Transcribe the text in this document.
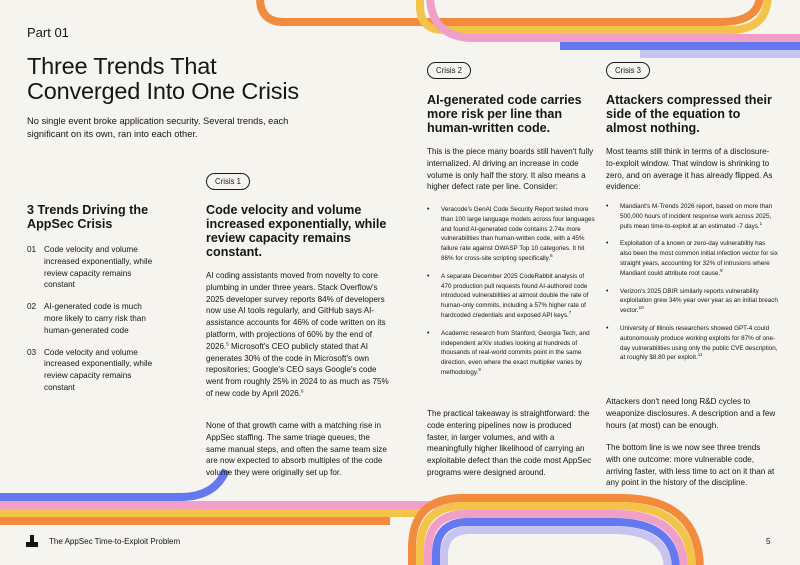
Part 01
Three Trends That Converged Into One Crisis

No single event broke application security. Several trends, each significant on its own, ran into each other.

3 Trends Driving the AppSec Crisis
01 Code velocity and volume increased exponentially, while review capacity remains constant
02 AI-generated code is much more likely to carry risk than human-generated code
03 Code velocity and volume increased exponentially, while review capacity remains constant
Crisis 1
Code velocity and volume increased exponentially, while review capacity remains constant.

AI coding assistants moved from novelty to core plumbing in under three years. Stack Overflow's 2025 developer survey reports 84% of developers now use AI tools regularly, and GitHub says AI-assistance accounts for 46% of code written on its platform, with projections of 60% by the end of 2026.$^5$ Microsoft's CEO publicly stated that AI generates 30% of the code in Microsoft's own repositories; Google's CEO says Google's code went from roughly 25% in 2024 to as much as 75% of new code by April 2026.$^6$

None of that growth came with a matching rise in AppSec staffing. The same triage queues, the same manual steps, and often the same team size are now expected to absorb multiples of the code volume they were originally set up for.

Crisis 2
AI-generated code carries more risk per line than human-written code.

This is the piece many boards still haven't fully internalized. AI driving an increase in code volume is only half the story. It also means a higher defect rate per line. Consider:

• Veracode's GenAI Code Security Report tested more than 100 large language models across four languages and found AI-generated code contains 2.74x more vulnerabilities than human-written code, with a 45% failure rate against OWASP Top 10 categories. It hit 86% for cross-site scripting specifically.$^6$
• A separate December 2025 CodeRabbit analysis of 470 production pull requests found AI-authored code introduced vulnerabilities at almost double the rate of human-only commits, including a 57% higher rate of hardcoded credentials and exposed API keys.$^7$
• Academic research from Stanford, Georgia Tech, and independent arXiv studies looking at hundreds of thousands of real-world commits point in the same direction, even where the exact multiplier varies by methodology.$^8$

The practical takeaway is straightforward: the code entering pipelines now is produced faster, in larger volumes, and with a meaningfully higher likelihood of carrying an exploitable defect than the code most AppSec programs were designed around.

Crisis 3
Attackers compressed their side of the equation to almost nothing.

Most teams still think in terms of a disclosure-to-exploit window. That window is shrinking to zero, and on average it has already flipped. As evidence:

• Mandiant's M-Trends 2026 report, based on more than 500,000 hours of incident response work across 2025, puts mean time-to-exploit at an estimated -7 days.$^1$
• Exploitation of a known or zero-day vulnerability has also been the most common initial infection vector for six straight years, accounting for 32% of intrusions where Mandiant could attribute root cause.$^9$
• Verizon's 2025 DBIR similarly reports vulnerability exploitation grew 34% year over year as an initial breach vector.$^{10}$
• University of Illinois researchers showed GPT-4 could autonomously produce working exploits for 87% of one-day vulnerabilities using only the public CVE description, at roughly $8.80 per exploit.$^{11}$

Attackers don't need long R&D cycles to weaponize disclosures. A description and a few hours (at most) can be enough.

The bottom line is we now see three trends with one outcome: more vulnerable code, arriving faster, with less time to act on it than at any point in the history of the discipline.

The AppSec Time-to-Exploit Problem	5
